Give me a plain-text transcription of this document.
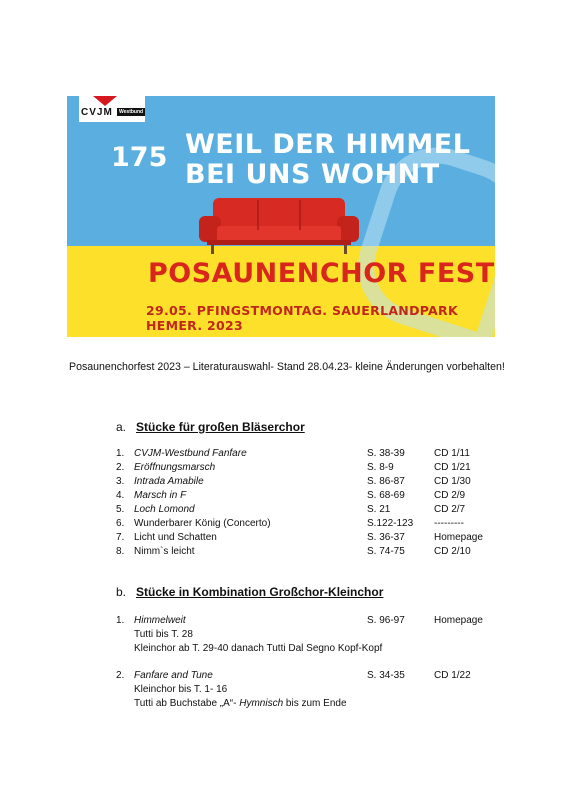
CVJM	Westbund
175 WEIL DER HIMMEL
BEI UNS WOHNT
POSAUNENCHOR FEST
29.05. PFINGSTMONTAG. SAUERLANDPARK HEMER. 2023
Posaunenchorfest 2023 – Literaturauswahl- Stand 28.04.23- kleine Änderungen vorbehalten!
a. Stücke für großen Bläserchor
1. CVJM-Westbund Fanfare	S. 38-39	CD 1/11
2. Eröffnungsmarsch	S. 8-9	CD 1/21
3. Intrada Amabile	S. 86-87	CD 1/30
4. Marsch in F	S. 68-69	CD 2/9
5. Loch Lomond	S. 21	CD 2/7
6. Wunderbarer König (Concerto)	S.122-123 ---------
7. Licht und Schatten	S. 36-37	Homepage
8. Nimm`s leicht	S. 74-75	CD 2/10
b. Stücke in Kombination Großchor-Kleinchor
1. Himmelweit	S. 96-97	Homepage
Tutti bis T. 28
Kleinchor ab T. 29-40 danach Tutti Dal Segno Kopf-Kopf
2. Fanfare and Tune	S. 34-35	CD 1/22
Kleinchor bis T. 1- 16
Tutti ab Buchstabe „A“- Hymnisch bis zum Ende
